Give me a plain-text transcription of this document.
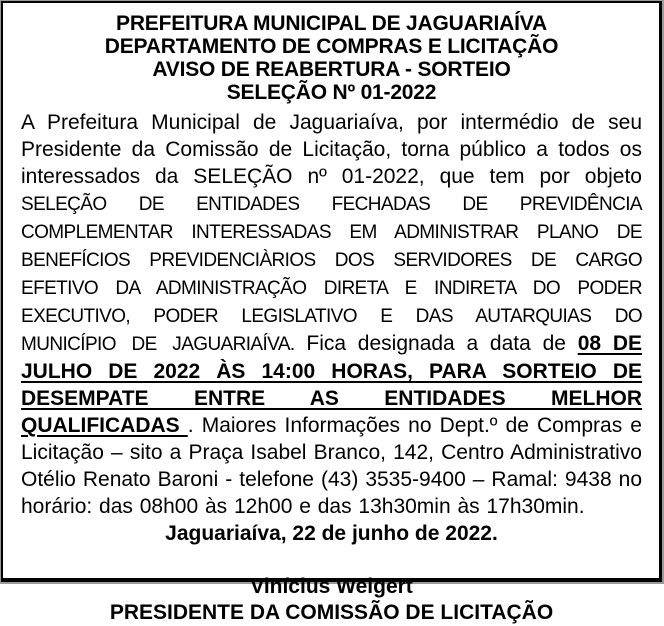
PREFEITURA MUNICIPAL DE JAGUARIAÍVA
DEPARTAMENTO DE COMPRAS E LICITAÇÃO
AVISO DE REABERTURA - SORTEIO
SELEÇÃO Nº 01-2022

A Prefeitura Municipal de Jaguariaíva, por intermédio de seu Presidente da Comissão de Licitação, torna público a todos os interessados da SELEÇÃO nº 01-2022, que tem por objeto SELEÇÃO DE ENTIDADES FECHADAS DE PREVIDÊNCIA COMPLEMENTAR INTERESSADAS EM ADMINISTRAR PLANO DE BENEFÍCIOS PREVIDENCIÀRIOS DOS SERVIDORES DE CARGO EFETIVO DA ADMINISTRAÇÃO DIRETA E INDIRETA DO PODER EXECUTIVO, PODER LEGISLATIVO E DAS AUTARQUIAS DO MUNICÍPIO DE JAGUARIAÍVA. Fica designada a data de 08 DE JULHO DE 2022 ÀS 14:00 HORAS, PARA SORTEIO DE DESEMPATE ENTRE AS ENTIDADES MELHOR QUALIFICADAS . Maiores Informações no Dept.º de Compras e Licitação – sito a Praça Isabel Branco, 142, Centro Administrativo Otélio Renato Baroni - telefone (43) 3535-9400 – Ramal: 9438 no horário: das 08h00 às 12h00 e das 13h30min às 17h30min.

Jaguariaíva, 22 de junho de 2022.
Vinícius Weigert
PRESIDENTE DA COMISSÃO DE LICITAÇÃO
